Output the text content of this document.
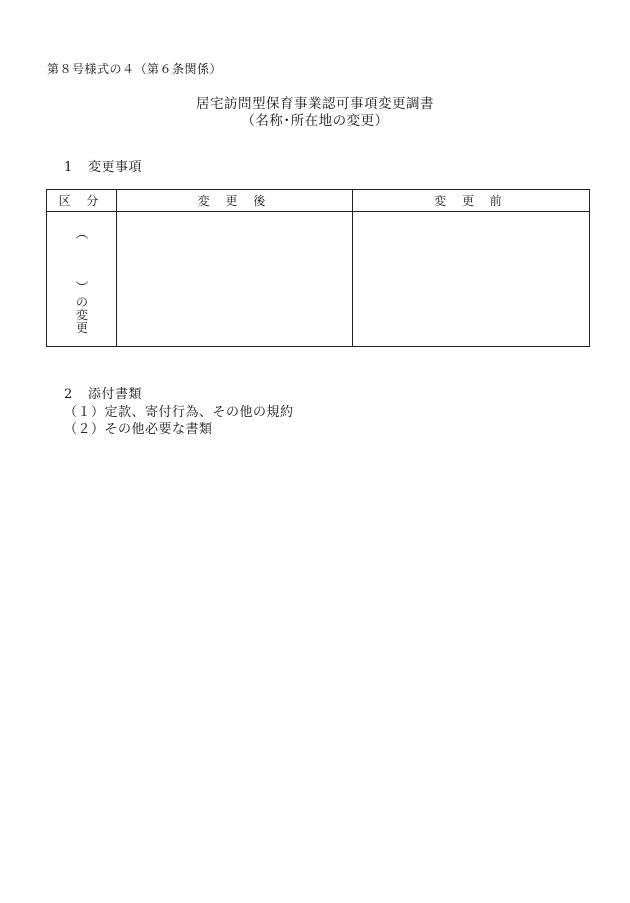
第８号様式の４（第６条関係）
居宅訪問型保育事業認可事項変更調書
（名称･所在地の変更）
1 変更事項
区 分	変 更 後	変 更 前

︵
︶
の
変
更		

2 添付書類
（１）定款、寄付行為、その他の規約
（２）その他必要な書類
